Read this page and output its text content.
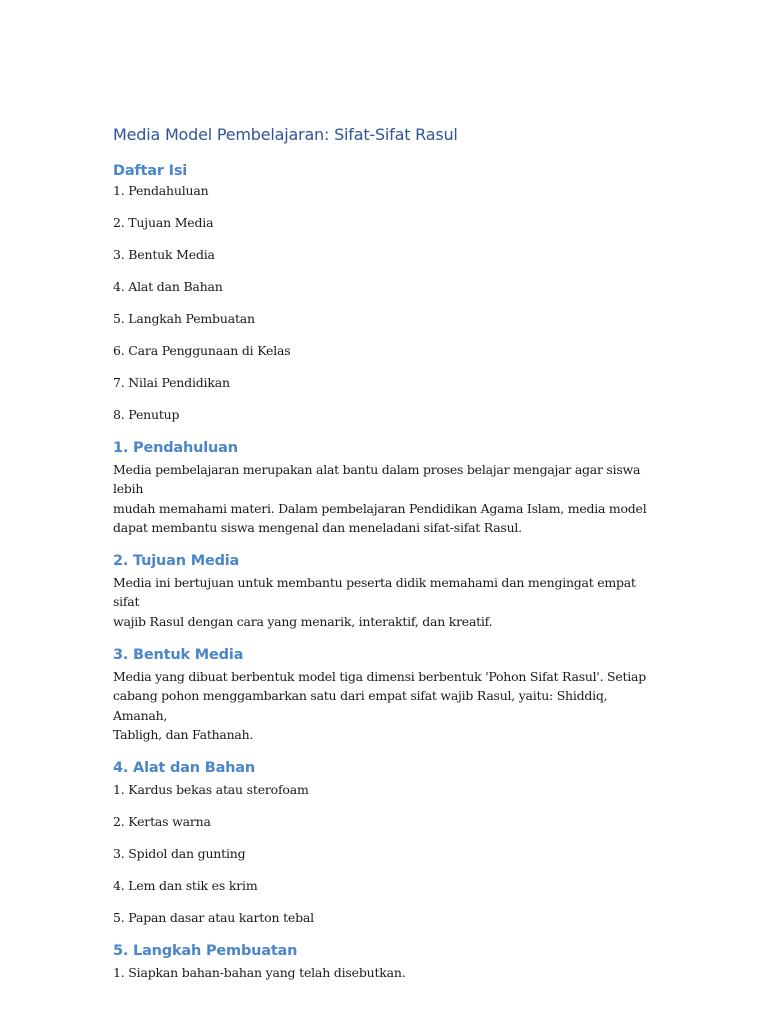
Media Model Pembelajaran: Sifat-Sifat Rasul
Daftar Isi
1. Pendahuluan
2. Tujuan Media
3. Bentuk Media
4. Alat dan Bahan
5. Langkah Pembuatan
6. Cara Penggunaan di Kelas
7. Nilai Pendidikan
8. Penutup
1. Pendahuluan

Media pembelajaran merupakan alat bantu dalam proses belajar mengajar agar siswa lebih
mudah memahami materi. Dalam pembelajaran Pendidikan Agama Islam, media model
dapat membantu siswa mengenal dan meneladani sifat-sifat Rasul.

2. Tujuan Media

Media ini bertujuan untuk membantu peserta didik memahami dan mengingat empat sifat
wajib Rasul dengan cara yang menarik, interaktif, dan kreatif.

3. Bentuk Media

Media yang dibuat berbentuk model tiga dimensi berbentuk 'Pohon Sifat Rasul'. Setiap
cabang pohon menggambarkan satu dari empat sifat wajib Rasul, yaitu: Shiddiq, Amanah,
Tabligh, dan Fathanah.

4. Alat dan Bahan
1. Kardus bekas atau sterofoam
2. Kertas warna
3. Spidol dan gunting
4. Lem dan stik es krim
5. Papan dasar atau karton tebal
5. Langkah Pembuatan
1. Siapkan bahan-bahan yang telah disebutkan.
